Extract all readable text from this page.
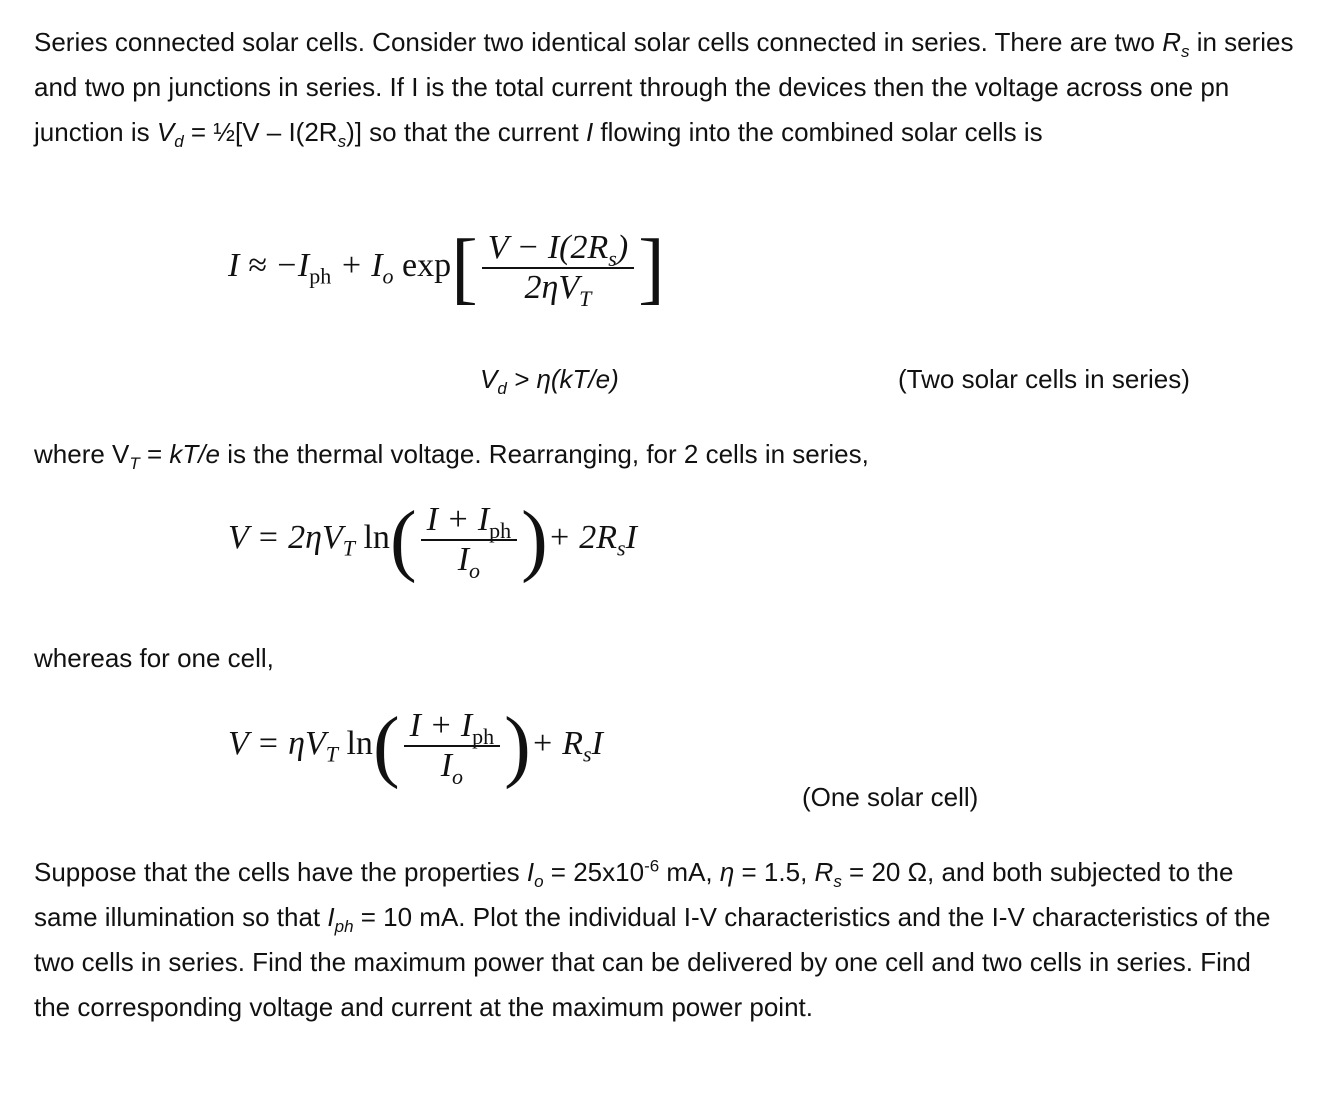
Series connected solar cells. Consider two identical solar cells connected in series. There are two $R_s$ in series and two pn junctions in series. If I is the total current through the devices then the voltage across one pn junction is $V_d$ = ½[V – $I(2R_s)$] so that the current I flowing into the combined solar cells is
$I \approx -I_{ph} + I_o$ $\exp[ \frac{V - I(2R_s)}{2\eta V_T}$ ]
$V_d > \eta(kT/e)$	(Two solar cells in series)
where $V_T = kT/e$ is the thermal voltage. Rearranging, for 2 cells in series,
$V = 2\eta V_T$ $\ln( \frac{I + I_{ph}}{I_o}$ )+ $2R_sI$
whereas for one cell,
$V = \eta V_T$ $\ln( \frac{I + I_{ph}}{I_o}$ )+ $R_sI$
(One solar cell)
Suppose that the cells have the properties $I_o = 25x10^{-6}$ mA, η = 1.5, $R_s = 20$ Ω, and both subjected to the same illumination so that $I_{ph} = 10$ mA. Plot the individual I-V characteristics and the I-V characteristics of the two cells in series. Find the maximum power that can be delivered by one cell and two cells in series. Find the corresponding voltage and current at the maximum power point.
